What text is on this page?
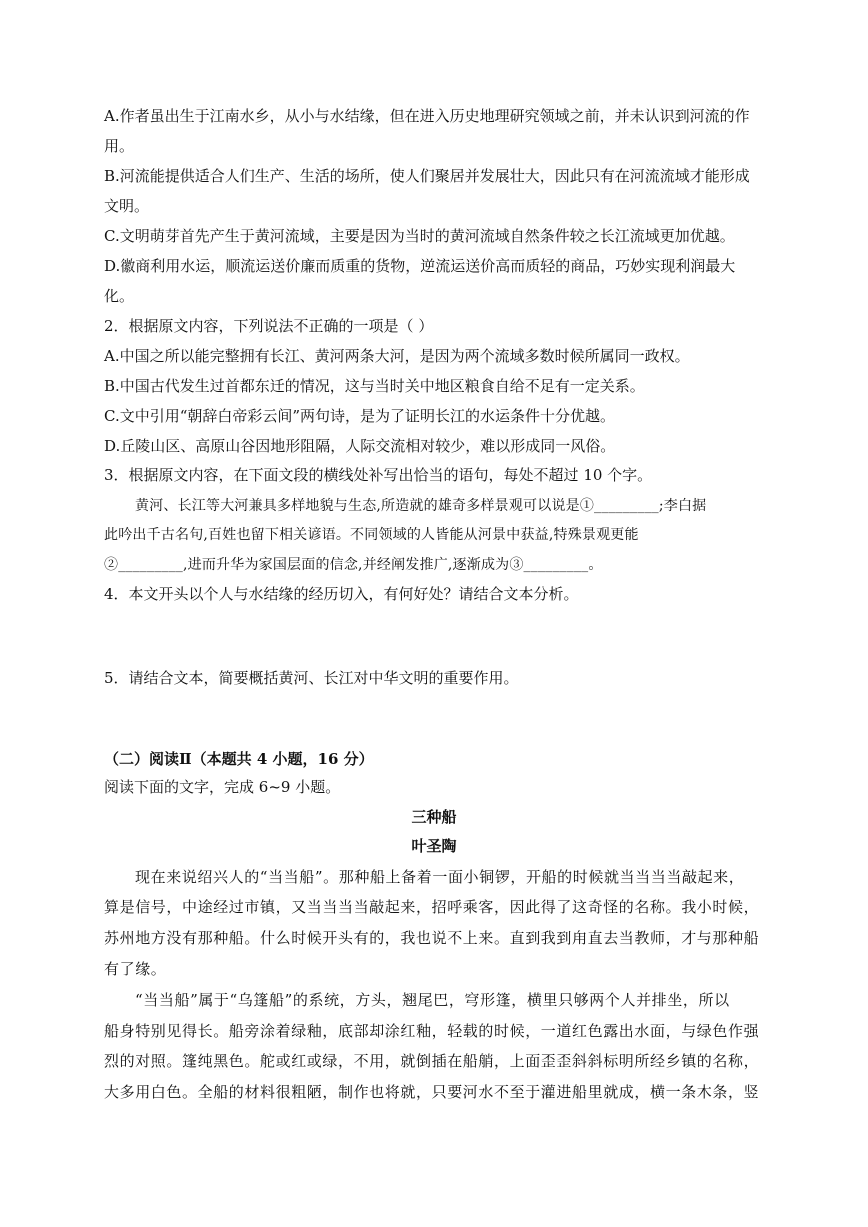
A.作者虽出生于江南水乡，从小与水结缘，但在进入历史地理研究领域之前，并未认识到河流的作
用。
B.河流能提供适合人们生产、生活的场所，使人们聚居并发展壮大，因此只有在河流流域才能形成
文明。
C.文明萌芽首先产生于黄河流域，主要是因为当时的黄河流域自然条件较之长江流域更加优越。
D.徽商利用水运，顺流运送价廉而质重的货物，逆流运送价高而质轻的商品，巧妙实现利润最大
化。
2．根据原文内容，下列说法不正确的一项是（ ）
A.中国之所以能完整拥有长江、黄河两条大河，是因为两个流域多数时候所属同一政权。
B.中国古代发生过首都东迁的情况，这与当时关中地区粮食自给不足有一定关系。
C.文中引用“朝辞白帝彩云间”两句诗，是为了证明长江的水运条件十分优越。
D.丘陵山区、高原山谷因地形阻隔，人际交流相对较少，难以形成同一风俗。
3．根据原文内容，在下面文段的横线处补写出恰当的语句，每处不超过 10 个字。
黄河、长江等大河兼具多样地貌与生态,所造就的雄奇多样景观可以说是①_________;李白据
此吟出千古名句,百姓也留下相关谚语。不同领域的人皆能从河景中获益,特殊景观更能
②_________,进而升华为家国层面的信念,并经阐发推广,逐渐成为③_________。
4．本文开头以个人与水结缘的经历切入，有何好处？请结合文本分析。
5．请结合文本，简要概括黄河、长江对中华文明的重要作用。
（二）阅读Ⅱ（本题共 4 小题，16 分）
阅读下面的文字，完成 6~9 小题。
三种船
叶圣陶
现在来说绍兴人的“当当船”。那种船上备着一面小铜锣，开船的时候就当当当当敲起来，
算是信号，中途经过市镇，又当当当当敲起来，招呼乘客，因此得了这奇怪的名称。我小时候，
苏州地方没有那种船。什么时候开头有的，我也说不上来。直到我到甪直去当教师，才与那种船
有了缘。
“当当船”属于“乌篷船”的系统，方头，翘尾巴，穹形篷，横里只够两个人并排坐，所以
船身特别见得长。船旁涂着绿釉，底部却涂红釉，轻载的时候，一道红色露出水面，与绿色作强
烈的对照。篷纯黑色。舵或红或绿，不用，就倒插在船艄，上面歪歪斜斜标明所经乡镇的名称，
大多用白色。全船的材料很粗陋，制作也将就，只要河水不至于灌进船里就成，横一条木条，竖
